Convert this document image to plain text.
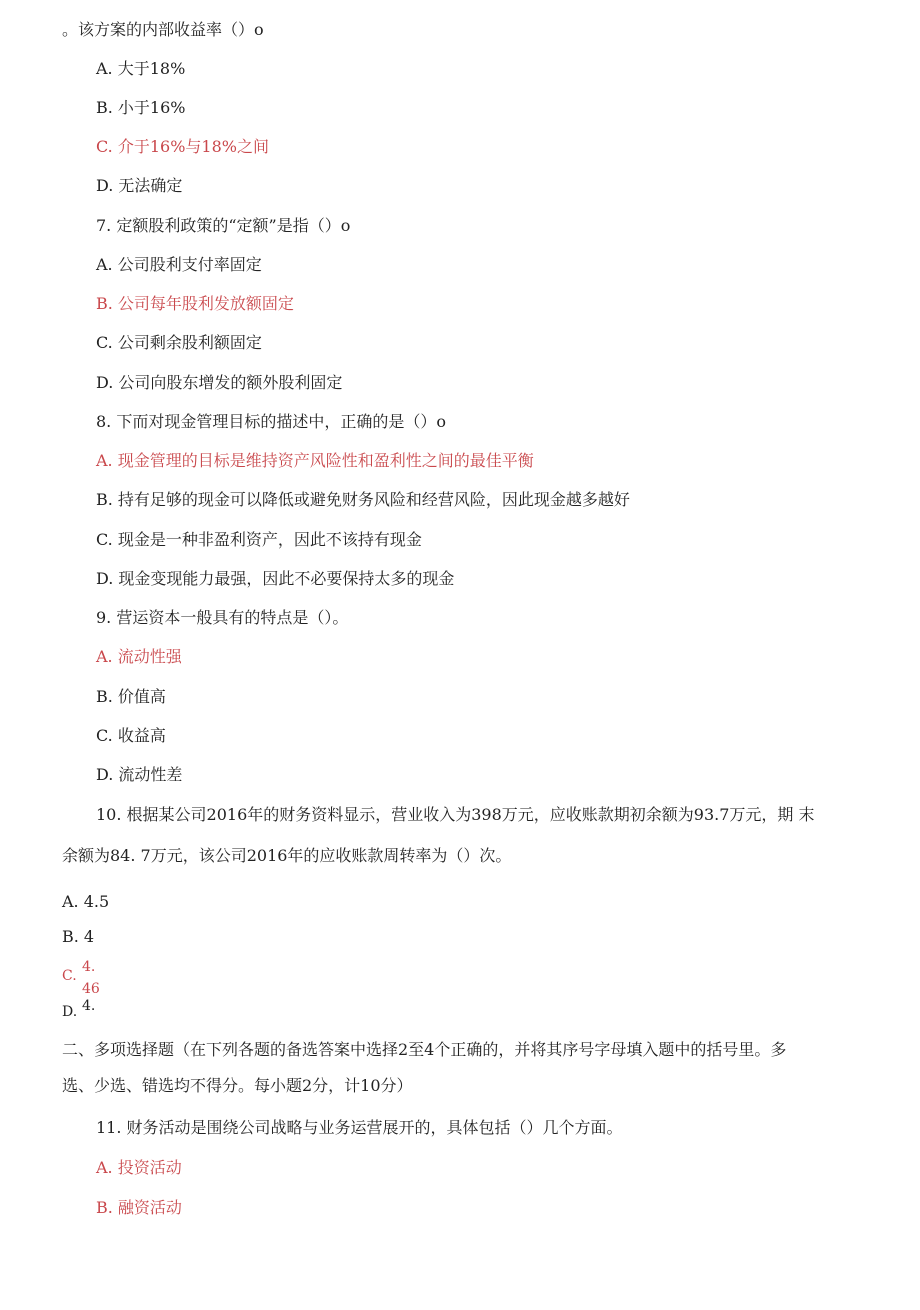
。该方案的内部收益率（）o

A. 大于18%

B. 小于16%

C. 介于16%与18%之间

D. 无法确定

7. 定额股利政策的“定额”是指（）o

A. 公司股利支付率固定

B. 公司每年股利发放额固定

C. 公司剩余股利额固定

D. 公司向股东增发的额外股利固定

8. 下而对现金管理目标的描述中，正确的是（）o

A. 现金管理的目标是维持资产风险性和盈利性之间的最佳平衡

B. 持有足够的现金可以降低或避免财务风险和经营风险，因此现金越多越好

C. 现金是一种非盈利资产，因此不该持有现金

D. 现金变现能力最强，因此不必要保持太多的现金

9. 营运资本一般具有的特点是（）。

A. 流动性强

B. 价值高

C. 收益高

D. 流动性差

10. 根据某公司2016年的财务资料显示，营业收入为398万元，应收账款期初余额为93.7万元，期 末

余额为84. 7万元，该公司2016年的应收账款周转率为（）次。

A. 4.5

B. 4

C.

4.

46

4.

D.

二、多项选择题（在下列各题的备选答案中选择2至4个正确的，并将其序号字母填入题中的括号里。多

选、少选、错选均不得分。每小题2分，计10分）

11. 财务活动是围绕公司战略与业务运营展开的，具体包括（）几个方面。

A. 投资活动

B. 融资活动
